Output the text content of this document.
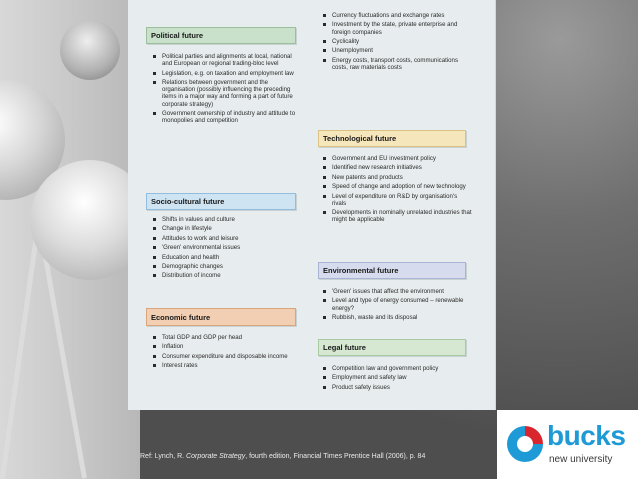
Political future
Political parties and alignments at local, national and European or regional trading-bloc level
Legislation, e.g. on taxation and employment law
Relations between government and the organisation (possibly influencing the preceding items in a major way and forming a part of future corporate strategy)
Government ownership of industry and attitude to monopolies and competition
Socio-cultural future
Shifts in values and culture
Change in lifestyle
Attitudes to work and leisure
'Green' environmental issues
Education and health
Demographic changes
Distribution of income
Economic future
Total GDP and GDP per head
Inflation
Consumer expenditure and disposable income
Interest rates
Currency fluctuations and exchange rates
Investment by the state, private enterprise and foreign companies
Cyclicality
Unemployment
Energy costs, transport costs, communications costs, raw materials costs
Technological future
Government and EU investment policy
Identified new research initiatives
New patents and products
Speed of change and adoption of new technology
Level of expenditure on R&D by organisation's rivals
Developments in nominally unrelated industries that might be applicable
Environmental future
'Green' issues that affect the environment
Level and type of energy consumed – renewable energy?
Rubbish, waste and its disposal
Legal future
Competition law and government policy
Employment and safety law
Product safety issues
Ref: Lynch, R. Corporate Strategy, fourth edition, Financial Times Prentice Hall (2006), p. 84
bucks
new university
